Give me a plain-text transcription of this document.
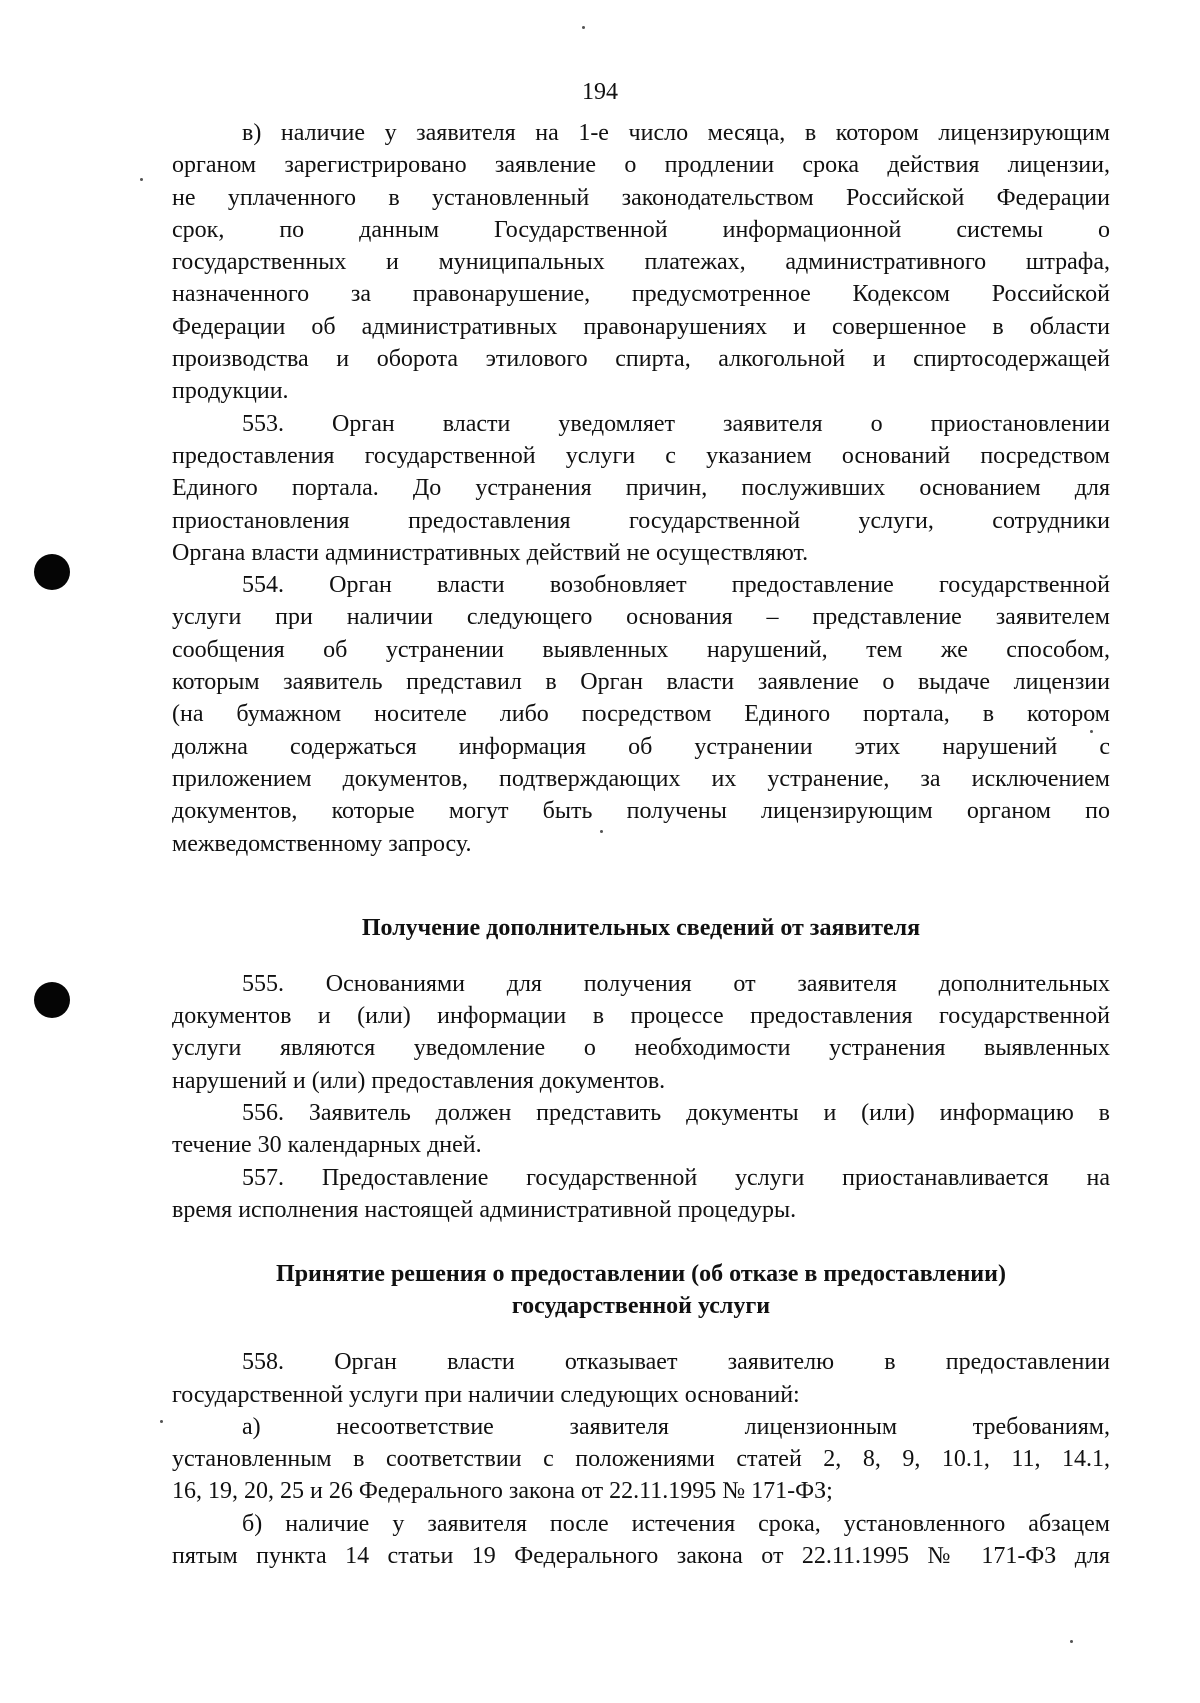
194
в) наличие у заявителя на 1-е число месяца, в котором лицензирующим
органом зарегистрировано заявление о продлении срока действия лицензии,
не уплаченного в установленный законодательством Российской Федерации
срок, по данным Государственной информационной системы о
государственных и муниципальных платежах, административного штрафа,
назначенного за правонарушение, предусмотренное Кодексом Российской
Федерации об административных правонарушениях и совершенное в области
производства и оборота этилового спирта, алкогольной и спиртосодержащей
продукции.
553. Орган власти уведомляет заявителя о приостановлении
предоставления государственной услуги с указанием оснований посредством
Единого портала. До устранения причин, послуживших основанием для
приостановления предоставления государственной услуги, сотрудники
Органа власти административных действий не осуществляют.
554. Орган власти возобновляет предоставление государственной
услуги при наличии следующего основания – представление заявителем
сообщения об устранении выявленных нарушений, тем же способом,
которым заявитель представил в Орган власти заявление о выдаче лицензии
(на бумажном носителе либо посредством Единого портала, в котором
должна содержаться информация об устранении этих нарушений с
приложением документов, подтверждающих их устранение, за исключением
документов, которые могут быть получены лицензирующим органом по
межведомственному запросу.
Получение дополнительных сведений от заявителя
555. Основаниями для получения от заявителя дополнительных
документов и (или) информации в процессе предоставления государственной
услуги являются уведомление о необходимости устранения выявленных
нарушений и (или) предоставления документов.
556. Заявитель должен представить документы и (или) информацию в
течение 30 календарных дней.
557. Предоставление государственной услуги приостанавливается на
время исполнения настоящей административной процедуры.
Принятие решения о предоставлении (об отказе в предоставлении)
государственной услуги
558. Орган власти отказывает заявителю в предоставлении
государственной услуги при наличии следующих оснований:
а) несоответствие заявителя лицензионным требованиям,
установленным в соответствии с положениями статей 2, 8, 9, 10.1, 11, 14.1,
16, 19, 20, 25 и 26 Федерального закона от 22.11.1995 № 171-ФЗ;
б) наличие у заявителя после истечения срока, установленного абзацем
пятым пункта 14 статьи 19 Федерального закона от 22.11.1995 № 171-ФЗ для
